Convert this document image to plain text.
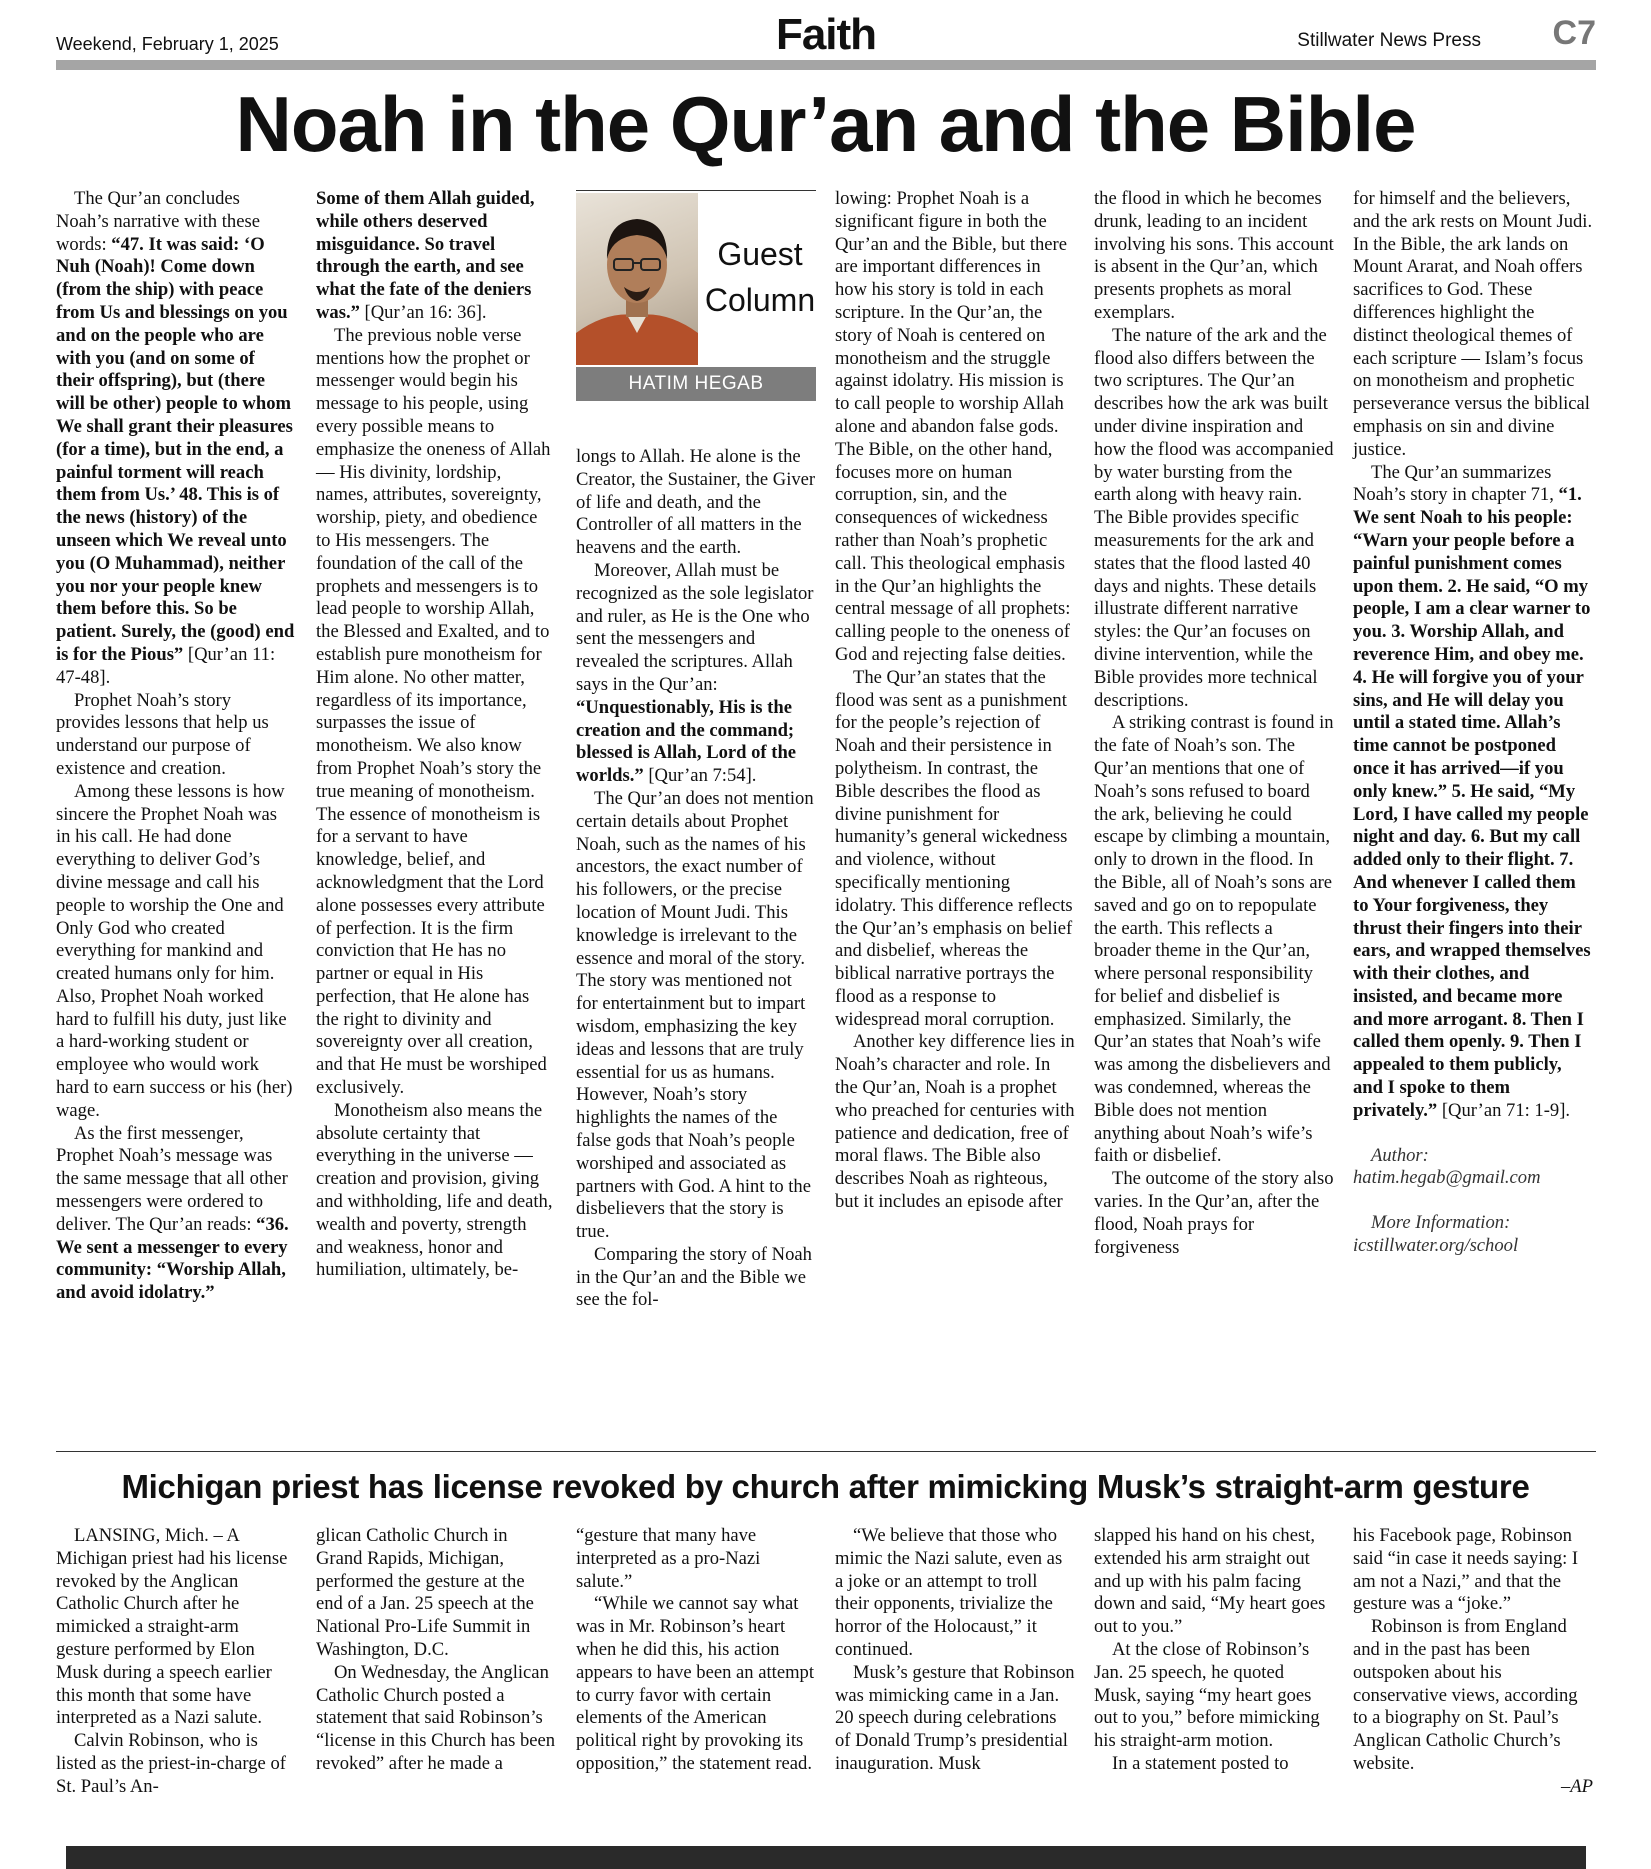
Weekend, February 1, 2025	Faith	Stillwater News Press C7
Noah in the Qur’an and the Bible

The Qur’an concludes Noah’s narrative with these words: “47. It was said: ‘O Nuh (Noah)! Come down (from the ship) with peace from Us and blessings on you and on the people who are with you (and on some of their offspring), but (there will be other) people to whom We shall grant their pleasures (for a time), but in the end, a painful torment will reach them from Us.’ 48. This is of the news (history) of the unseen which We reveal unto you (O Muhammad), neither you nor your people knew them before this. So be patient. Surely, the (good) end is for the Pious” [Qur’an 11: 47-48].

Prophet Noah’s story provides lessons that help us understand our purpose of existence and creation.

Among these lessons is how sincere the Prophet Noah was in his call. He had done everything to deliver God’s divine message and call his people to worship the One and Only God who created everything for mankind and created humans only for him. Also, Prophet Noah worked hard to fulfill his duty, just like a hard-working student or employee who would work hard to earn success or his (her) wage.

As the first messenger, Prophet Noah’s message was the same message that all other messengers were ordered to deliver. The Qur’an reads: “36. We sent a messenger to every community: “Worship Allah, and avoid idolatry.”

Some of them Allah guided, while others deserved misguidance. So travel through the earth, and see what the fate of the deniers was.” [Qur’an 16: 36].

The previous noble verse mentions how the prophet or messenger would begin his message to his people, using every possible means to emphasize the oneness of Allah — His divinity, lordship, names, attributes, sovereignty, worship, piety, and obedience to His messengers. The foundation of the call of the prophets and messengers is to lead people to worship Allah, the Blessed and Exalted, and to establish pure monotheism for Him alone. No other matter, regardless of its importance, surpasses the issue of monotheism. We also know from Prophet Noah’s story the true meaning of monotheism. The essence of monotheism is for a servant to have knowledge, belief, and acknowledgment that the Lord alone possesses every attribute of perfection. It is the firm conviction that He has no partner or equal in His perfection, that He alone has the right to divinity and sovereignty over all creation, and that He must be worshiped exclusively.

Monotheism also means the absolute certainty that everything in the universe — creation and provision, giving and withholding, life and death, wealth and poverty, strength and weakness, honor and humiliation, ultimately, be-

Guest
Column
HATIM HEGAB

longs to Allah. He alone is the Creator, the Sustainer, the Giver of life and death, and the Controller of all matters in the heavens and the earth.

Moreover, Allah must be recognized as the sole legislator and ruler, as He is the One who sent the messengers and revealed the scriptures. Allah says in the Qur’an: “Unquestionably, His is the creation and the command; blessed is Allah, Lord of the worlds.” [Qur’an 7:54].

The Qur’an does not mention certain details about Prophet Noah, such as the names of his ancestors, the exact number of his followers, or the precise location of Mount Judi. This knowledge is irrelevant to the essence and moral of the story. The story was mentioned not for entertainment but to impart wisdom, emphasizing the key ideas and lessons that are truly essential for us as humans. However, Noah’s story highlights the names of the false gods that Noah’s people worshiped and associated as partners with God. A hint to the disbelievers that the story is true.

Comparing the story of Noah in the Qur’an and the Bible we see the fol-

lowing: Prophet Noah is a significant figure in both the Qur’an and the Bible, but there are important differences in how his story is told in each scripture. In the Qur’an, the story of Noah is centered on monotheism and the struggle against idolatry. His mission is to call people to worship Allah alone and abandon false gods. The Bible, on the other hand, focuses more on human corruption, sin, and the consequences of wickedness rather than Noah’s prophetic call. This theological emphasis in the Qur’an highlights the central message of all prophets: calling people to the oneness of God and rejecting false deities.

The Qur’an states that the flood was sent as a punishment for the people’s rejection of Noah and their persistence in polytheism. In contrast, the Bible describes the flood as divine punishment for humanity’s general wickedness and violence, without specifically mentioning idolatry. This difference reflects the Qur’an’s emphasis on belief and disbelief, whereas the biblical narrative portrays the flood as a response to widespread moral corruption.

Another key difference lies in Noah’s character and role. In the Qur’an, Noah is a prophet who preached for centuries with patience and dedication, free of moral flaws. The Bible also describes Noah as righteous, but it includes an episode after

the flood in which he becomes drunk, leading to an incident involving his sons. This account is absent in the Qur’an, which presents prophets as moral exemplars.

The nature of the ark and the flood also differs between the two scriptures. The Qur’an describes how the ark was built under divine inspiration and how the flood was accompanied by water bursting from the earth along with heavy rain. The Bible provides specific measurements for the ark and states that the flood lasted 40 days and nights. These details illustrate different narrative styles: the Qur’an focuses on divine intervention, while the Bible provides more technical descriptions.

A striking contrast is found in the fate of Noah’s son. The Qur’an mentions that one of Noah’s sons refused to board the ark, believing he could escape by climbing a mountain, only to drown in the flood. In the Bible, all of Noah’s sons are saved and go on to repopulate the earth. This reflects a broader theme in the Qur’an, where personal responsibility for belief and disbelief is emphasized. Similarly, the Qur’an states that Noah’s wife was among the disbelievers and was condemned, whereas the Bible does not mention anything about Noah’s wife’s faith or disbelief.

The outcome of the story also varies. In the Qur’an, after the flood, Noah prays for forgiveness

for himself and the believers, and the ark rests on Mount Judi. In the Bible, the ark lands on Mount Ararat, and Noah offers sacrifices to God. These differences highlight the distinct theological themes of each scripture — Islam’s focus on monotheism and prophetic perseverance versus the biblical emphasis on sin and divine justice.

The Qur’an summarizes Noah’s story in chapter 71, “1. We sent Noah to his people: “Warn your people before a painful punishment comes upon them. 2. He said, “O my people, I am a clear warner to you. 3. Worship Allah, and reverence Him, and obey me. 4. He will forgive you of your sins, and He will delay you until a stated time. Allah’s time cannot be postponed once it has arrived—if you only knew.” 5. He said, “My Lord, I have called my people night and day. 6. But my call added only to their flight. 7. And whenever I called them to Your forgiveness, they thrust their fingers into their ears, and wrapped themselves with their clothes, and insisted, and became more and more arrogant. 8. Then I called them openly. 9. Then I appealed to them publicly, and I spoke to them privately.” [Qur’an 71: 1-9].

Author: hatim.hegab@gmail.com

More Information: icstillwater.org/school

Michigan priest has license revoked by church after mimicking Musk’s straight-arm gesture

LANSING, Mich. – A Michigan priest had his license revoked by the Anglican Catholic Church after he mimicked a straight-arm gesture performed by Elon Musk during a speech earlier this month that some have interpreted as a Nazi salute.

Calvin Robinson, who is listed as the priest-in-charge of St. Paul’s An-

glican Catholic Church in Grand Rapids, Michigan, performed the gesture at the end of a Jan. 25 speech at the National Pro-Life Summit in Washington, D.C.

On Wednesday, the Anglican Catholic Church posted a statement that said Robinson’s “license in this Church has been revoked” after he made a

“gesture that many have interpreted as a pro-Nazi salute.”

“While we cannot say what was in Mr. Robinson’s heart when he did this, his action appears to have been an attempt to curry favor with certain elements of the American political right by provoking its opposition,” the statement read.

“We believe that those who mimic the Nazi salute, even as a joke or an attempt to troll their opponents, trivialize the horror of the Holocaust,” it continued.

Musk’s gesture that Robinson was mimicking came in a Jan. 20 speech during celebrations of Donald Trump’s presidential inauguration. Musk

slapped his hand on his chest, extended his arm straight out and up with his palm facing down and said, “My heart goes out to you.”

At the close of Robinson’s Jan. 25 speech, he quoted Musk, saying “my heart goes out to you,” before mimicking his straight-arm motion.

In a statement posted to

his Facebook page, Robinson said “in case it needs saying: I am not a Nazi,” and that the gesture was a “joke.”

Robinson is from England and in the past has been outspoken about his conservative views, according to a biography on St. Paul’s Anglican Catholic Church’s website.

–AP
